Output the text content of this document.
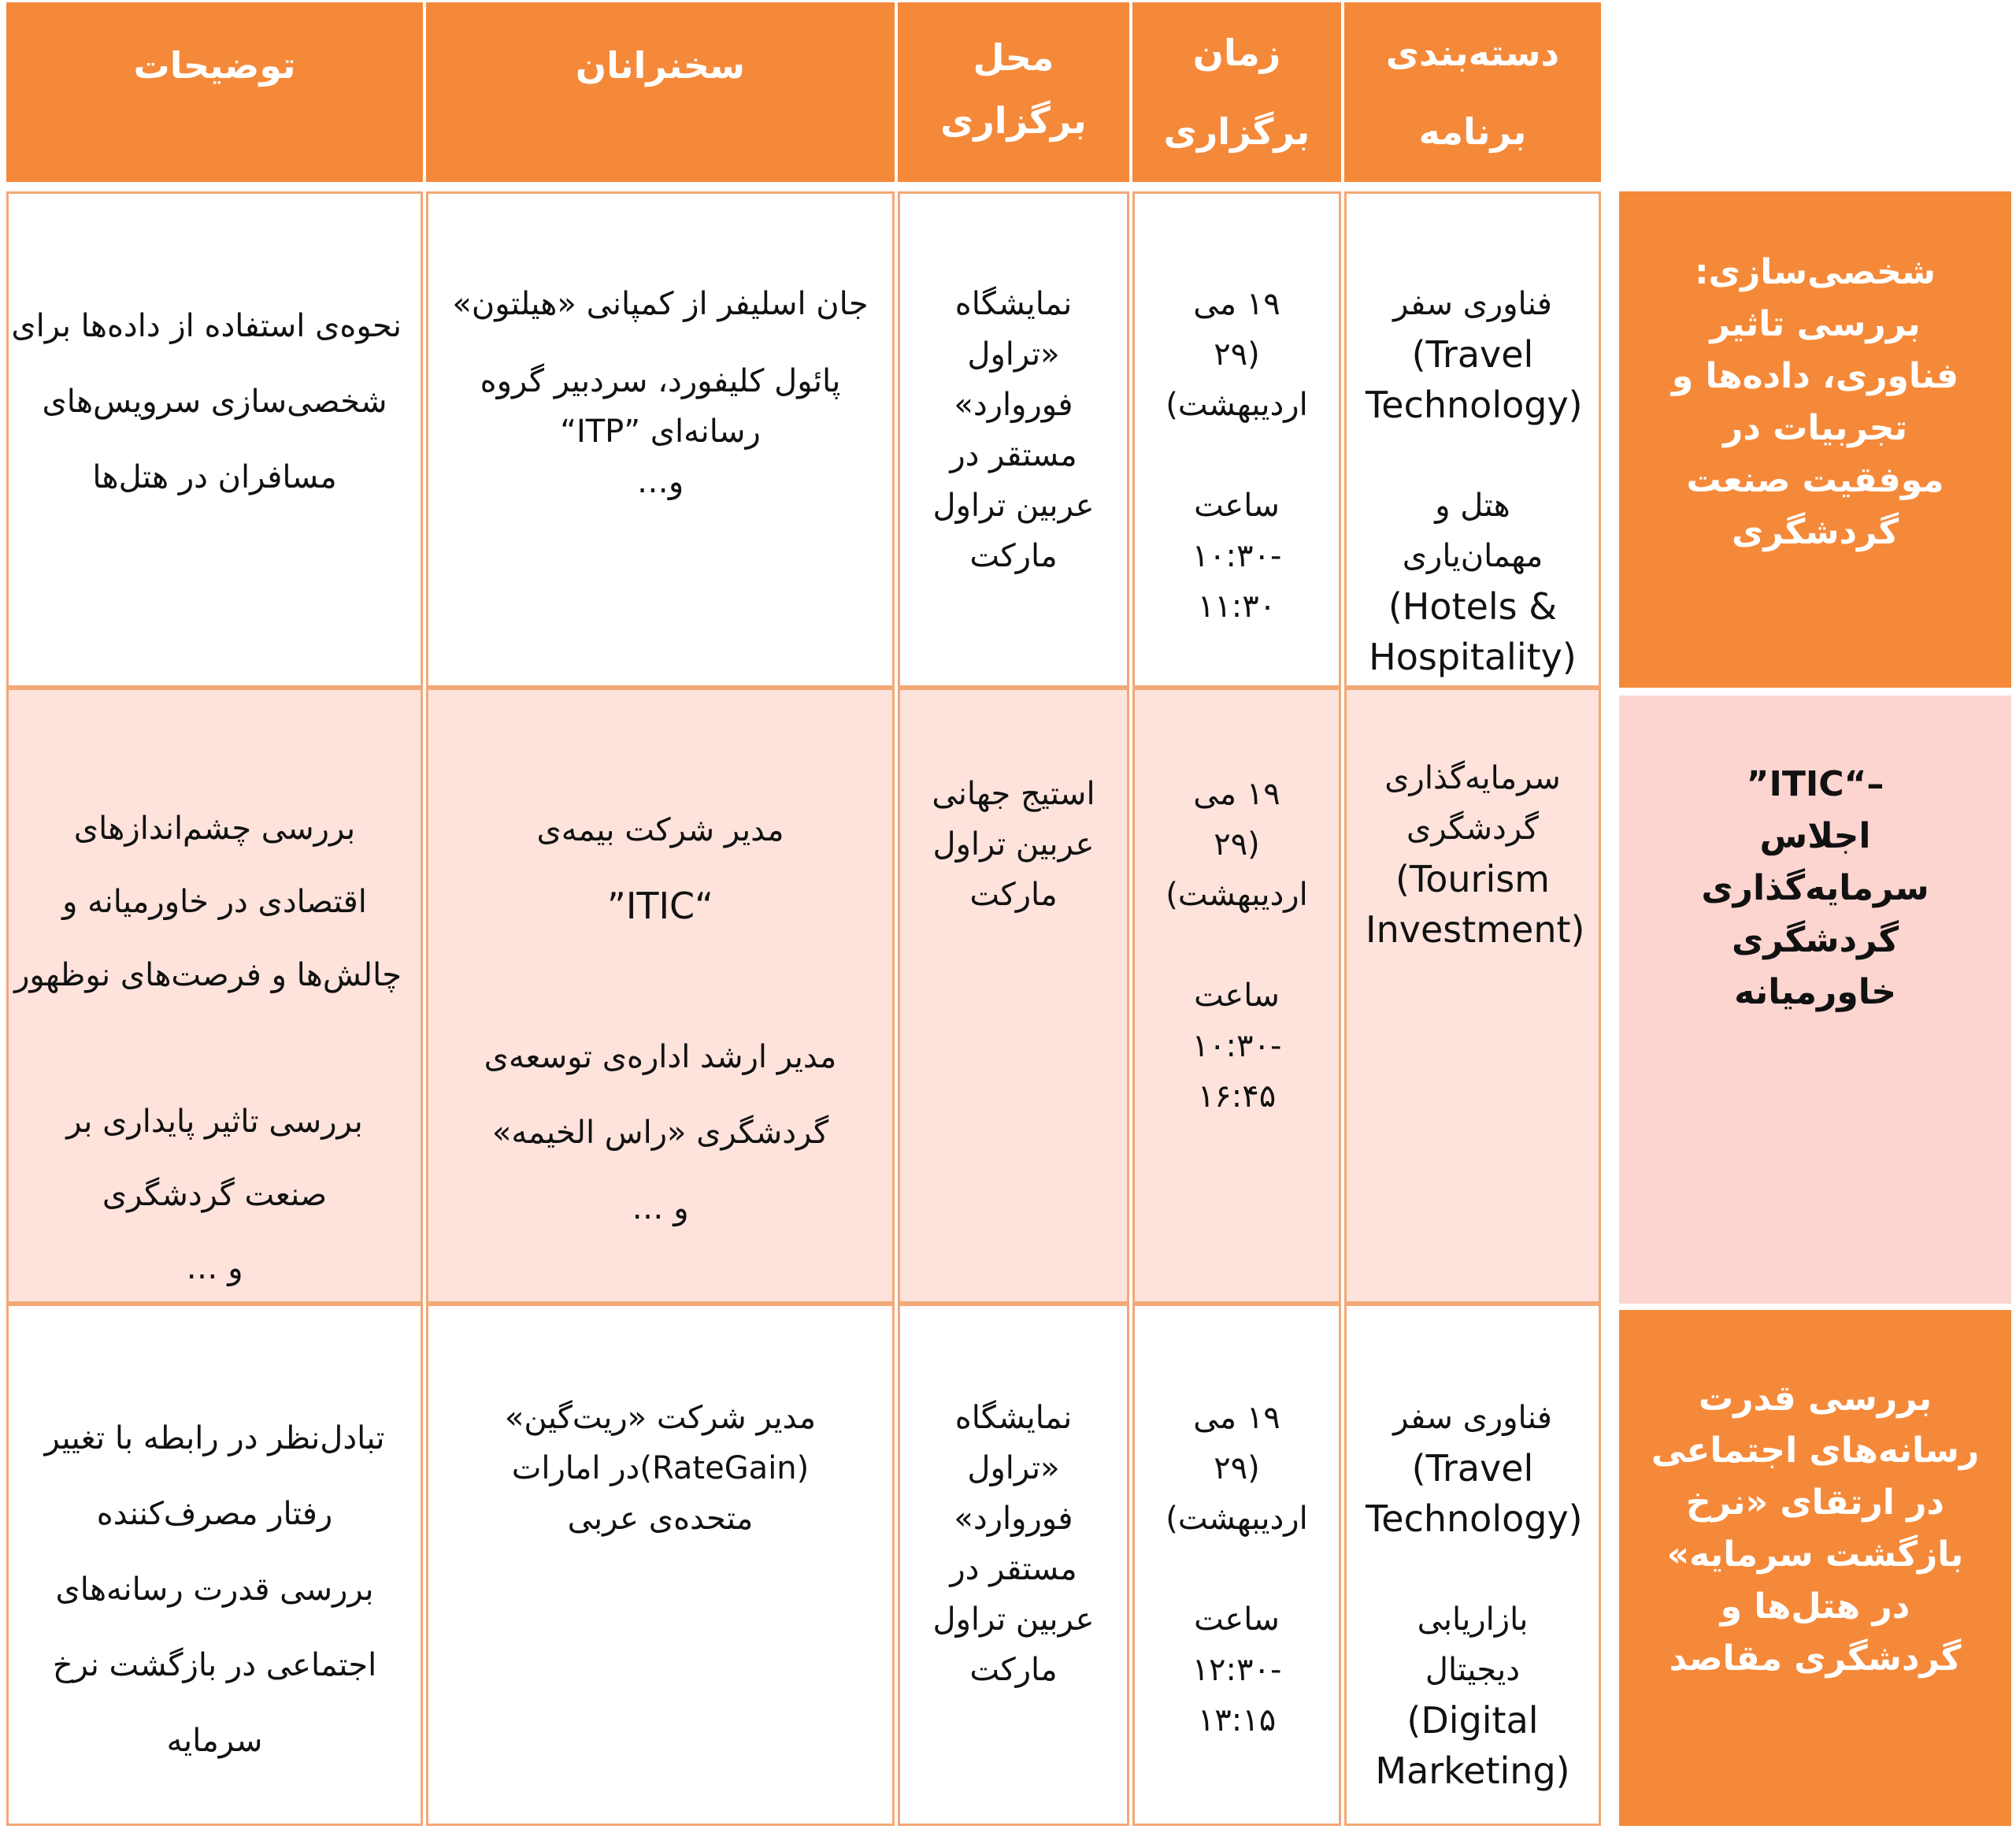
دسته‌بندی
برنامه
زمان
برگزاری
محل برگزاری
سخنرانان
توضیحات
شخصی‌سازی: بررسی تاثیر فناوری، داده‌ها و تجربیات در موفقیت صنعت گردشگری
فناوری سفر
(Travel
Technology)
هتل و
مهمان‌یاری
(Hotels &
Hospitality)
۱۹ می
(۲۹
اردیبهشت)
ساعت
-۱۰:۳۰
۱۱:۳۰
نمایشگاه
«تراول
فوروارد»
مستقر در
عربین تراول
مارکت
جان اسلیفر از کمپانی «هیلتون»
پائول کلیفورد، سردبیر گروه
رسانه‌ای ”ITP“
و…
نحوه‌ی استفاده از داده‌ها برای
شخصی‌سازی سرویس‌های
مسافران در هتل‌ها
”ITIC“–
اجلاس سرمایه‌گذاری گردشگری خاورمیانه
سرمایه‌گذاری
گردشگری
(Tourism
Investment)
۱۹ می
(۲۹
اردیبهشت)
ساعت
-۱۰:۳۰
۱۶:۴۵
استیج جهانی
عربین تراول
مارکت
مدیر شرکت بیمه‌ی
”ITIC“
مدیر ارشد اداره‌ی توسعه‌ی
گردشگری «راس الخیمه»
و …
بررسی چشم‌اندازهای
اقتصادی در خاورمیانه و
چالش‌ها و فرصت‌های نوظهور
بررسی تاثیر پایداری بر
صنعت گردشگری
و …
بررسی قدرت رسانه‌های اجتماعی در ارتقای «نرخ بازگشت سرمایه» در هتل‌ها و گردشگری مقاصد
فناوری سفر
(Travel
Technology)
بازاریابی
دیجیتال
(Digital
Marketing)
۱۹ می
(۲۹
اردیبهشت)
ساعت
-۱۲:۳۰
۱۳:۱۵
نمایشگاه
«تراول
فوروارد»
مستقر در
عربین تراول
مارکت
مدیر شرکت «ریت‌گین»
(RateGain)در امارات
متحده‌ی عربی
تبادل‌نظر در رابطه با تغییر
رفتار مصرف‌کننده
بررسی قدرت رسانه‌های
اجتماعی در بازگشت نرخ
سرمایه
